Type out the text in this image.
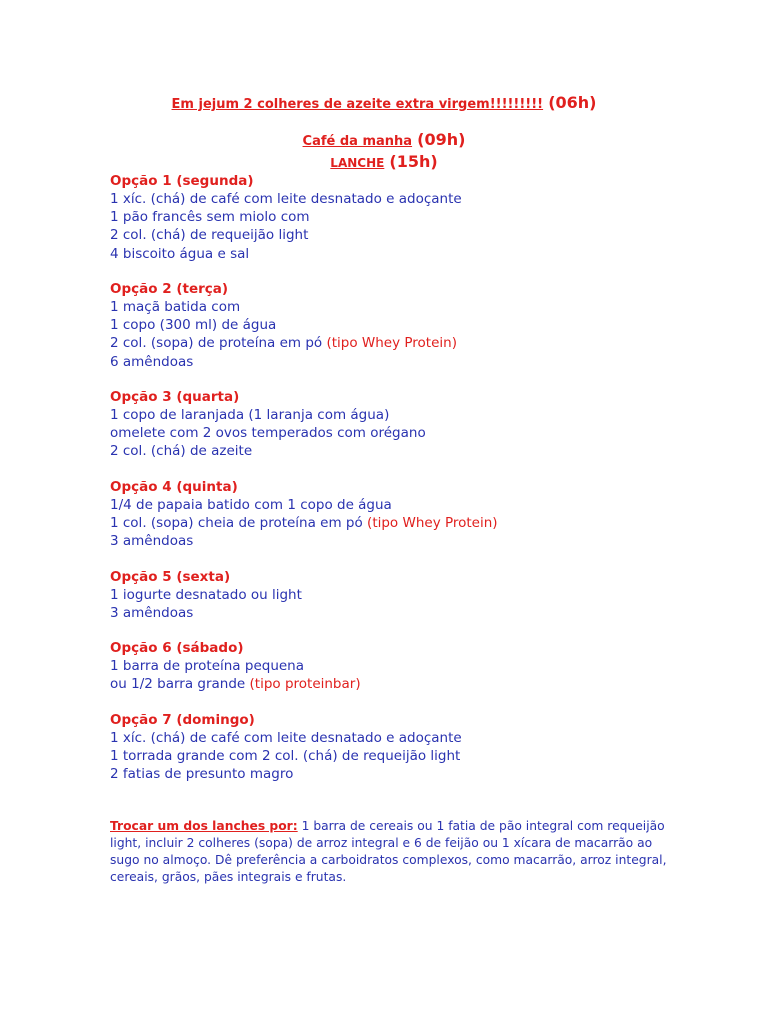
Em jejum 2 colheres de azeite extra virgem!!!!!!!!! (06h)
Café da manha (09h)
LANCHE (15h)
Opção 1 (segunda)
1 xíc. (chá) de café com leite desnatado e adoçante
1 pão francês sem miolo com
2 col. (chá) de requeijão light
4 biscoito água e sal
Opção 2 (terça)
1 maçã batida com
1 copo (300 ml) de água
2 col. (sopa) de proteína em pó (tipo Whey Protein)
6 amêndoas
Opção 3 (quarta)
1 copo de laranjada (1 laranja com água)
omelete com 2 ovos temperados com orégano
2 col. (chá) de azeite
Opção 4 (quinta)
1/4 de papaia batido com 1 copo de água
1 col. (sopa) cheia de proteína em pó (tipo Whey Protein)
3 amêndoas
Opção 5 (sexta)
1 iogurte desnatado ou light
3 amêndoas
Opção 6 (sábado)
1 barra de proteína pequena
ou 1/2 barra grande (tipo proteinbar)
Opção 7 (domingo)
1 xíc. (chá) de café com leite desnatado e adoçante
1 torrada grande com 2 col. (chá) de requeijão light
2 fatias de presunto magro
Trocar um dos lanches por: 1 barra de cereais ou 1 fatia de pão integral com requeijão light, incluir 2 colheres (sopa) de arroz integral e 6 de feijão ou 1 xícara de macarrão ao sugo no almoço. Dê preferência a carboidratos complexos, como macarrão, arroz integral, cereais, grãos, pães integrais e frutas.
